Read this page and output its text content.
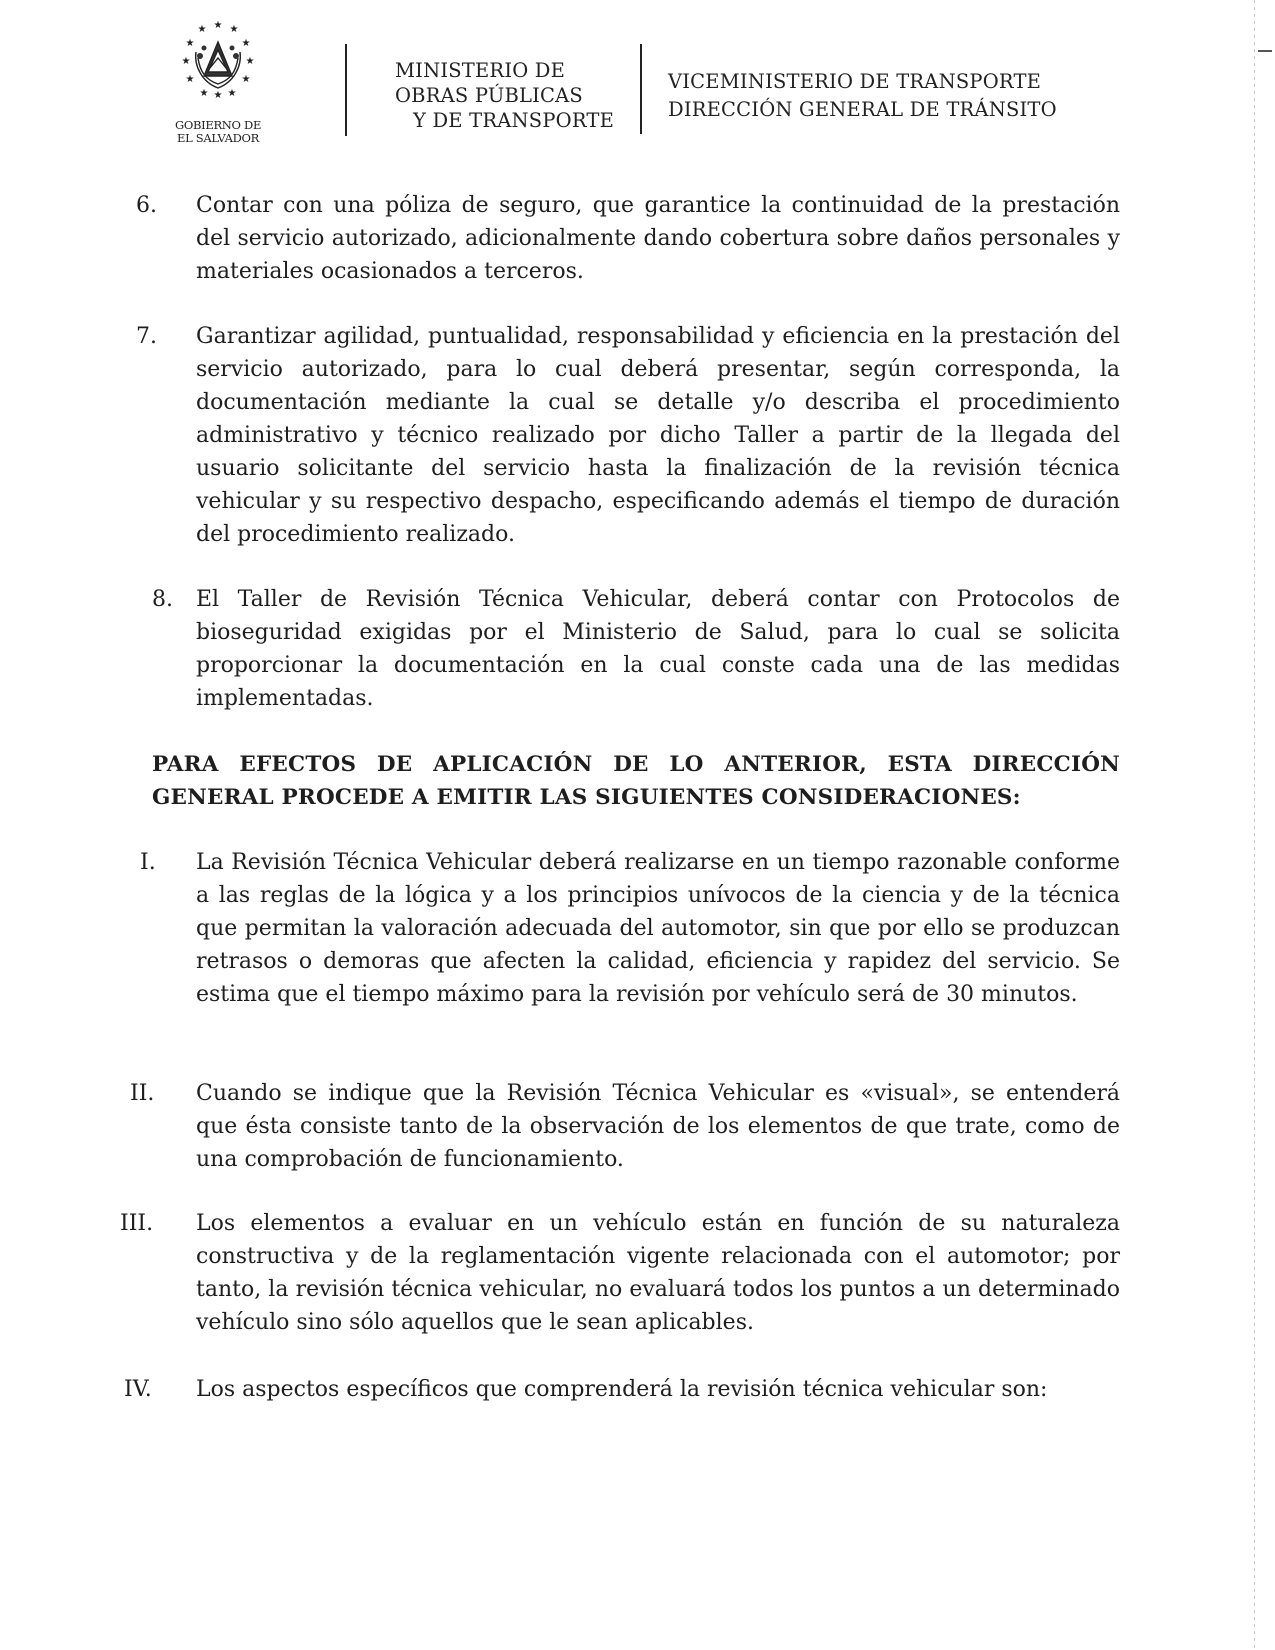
★
★ ★
★	★
★	★
★	★
★ ★ ★
GOBIERNO DE
EL SALVADOR
MINISTERIO DE
OBRAS PÚBLICAS
Y DE TRANSPORTE
VICEMINISTERIO DE TRANSPORTE
DIRECCIÓN GENERAL DE TRÁNSITO
6. Contar con una póliza de seguro, que garantice la continuidad de la prestación del servicio autorizado, adicionalmente dando cobertura sobre daños personales y materiales ocasionados a terceros.

7. Garantizar agilidad, puntualidad, responsabilidad y eficiencia en la prestación del servicio autorizado, para lo cual deberá presentar, según corresponda, la documentación mediante la cual se detalle y/o describa el procedimiento administrativo y técnico realizado por dicho Taller a partir de la llegada del usuario solicitante del servicio hasta la finalización de la revisión técnica vehicular y su respectivo despacho, especificando además el tiempo de duración del procedimiento realizado.

8. El Taller de Revisión Técnica Vehicular, deberá contar con Protocolos de bioseguridad exigidas por el Ministerio de Salud, para lo cual se solicita proporcionar la documentación en la cual conste cada una de las medidas implementadas.

PARA EFECTOS DE APLICACIÓN DE LO ANTERIOR, ESTA DIRECCIÓN GENERAL PROCEDE A EMITIR LAS SIGUIENTES CONSIDERACIONES:

I. La Revisión Técnica Vehicular deberá realizarse en un tiempo razonable conforme a las reglas de la lógica y a los principios unívocos de la ciencia y de la técnica que permitan la valoración adecuada del automotor, sin que por ello se produzcan retrasos o demoras que afecten la calidad, eficiencia y rapidez del servicio. Se estima que el tiempo máximo para la revisión por vehículo será de 30 minutos.

II. Cuando se indique que la Revisión Técnica Vehicular es «visual», se entenderá que ésta consiste tanto de la observación de los elementos de que trate, como de una comprobación de funcionamiento.

III. Los elementos a evaluar en un vehículo están en función de su naturaleza constructiva y de la reglamentación vigente relacionada con el automotor; por tanto, la revisión técnica vehicular, no evaluará todos los puntos a un determinado vehículo sino sólo aquellos que le sean aplicables.

IV. Los aspectos específicos que comprenderá la revisión técnica vehicular son:
